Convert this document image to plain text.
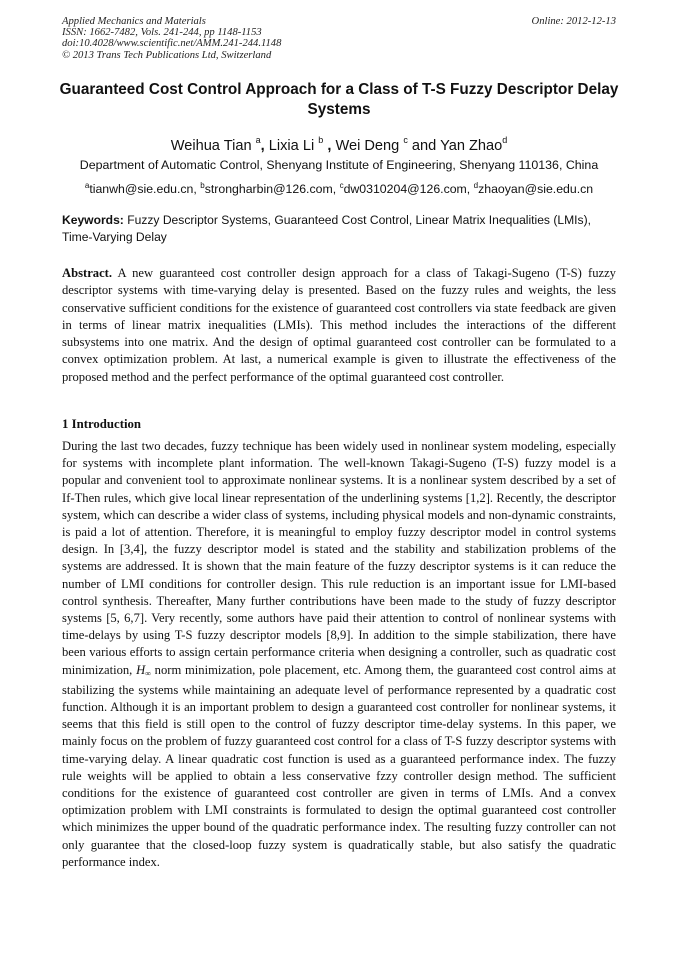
Applied Mechanics and Materials
ISSN: 1662-7482, Vols. 241-244, pp 1148-1153
doi:10.4028/www.scientific.net/AMM.241-244.1148
© 2013 Trans Tech Publications Ltd, Switzerland
Online: 2012-12-13
Guaranteed Cost Control Approach for a Class of T-S Fuzzy Descriptor Delay Systems
Weihua Tian $^a$, Lixia Li $^b$ , Wei Deng $^c$ and Yan Zhao$^d$
Department of Automatic Control, Shenyang Institute of Engineering, Shenyang 110136, China
$^a$tianwh@sie.edu.cn, $^b$strongharbin@126.com, $^c$dw0310204@126.com, $^d$zhaoyan@sie.edu.cn
Keywords: Fuzzy Descriptor Systems, Guaranteed Cost Control, Linear Matrix Inequalities (LMIs), Time-Varying Delay
Abstract. A new guaranteed cost controller design approach for a class of Takagi-Sugeno (T-S) fuzzy descriptor systems with time-varying delay is presented. Based on the fuzzy rules and weights, the less conservative sufficient conditions for the existence of guaranteed cost controllers via state feedback are given in terms of linear matrix inequalities (LMIs). This method includes the interactions of the different subsystems into one matrix. And the design of optimal guaranteed cost controller can be formulated to a convex optimization problem. At last, a numerical example is given to illustrate the effectiveness of the proposed method and the perfect performance of the optimal guaranteed cost controller.
1 Introduction
During the last two decades, fuzzy technique has been widely used in nonlinear system modeling, especially for systems with incomplete plant information. The well-known Takagi-Sugeno (T-S) fuzzy model is a popular and convenient tool to approximate nonlinear systems. It is a nonlinear system described by a set of If-Then rules, which give local linear representation of the underlining systems [1,2]. Recently, the descriptor system, which can describe a wider class of systems, including physical models and non-dynamic constraints, is paid a lot of attention. Therefore, it is meaningful to employ fuzzy descriptor model in control systems design. In [3,4], the fuzzy descriptor model is stated and the stability and stabilization problems of the systems are addressed. It is shown that the main feature of the fuzzy descriptor systems is it can reduce the number of LMI conditions for controller design. This rule reduction is an important issue for LMI-based control synthesis. Thereafter, Many further contributions have been made to the study of fuzzy descriptor systems [5, 6,7]. Very recently, some authors have paid their attention to control of nonlinear systems with time-delays by using T-S fuzzy descriptor models [8,9]. In addition to the simple stabilization, there have been various efforts to assign certain performance criteria when designing a controller, such as quadratic cost minimization, $H_\infty$ norm minimization, pole placement, etc. Among them, the guaranteed cost control aims at stabilizing the systems while maintaining an adequate level of performance represented by a quadratic cost function. Although it is an important problem to design a guaranteed cost controller for nonlinear systems, it seems that this field is still open to the control of fuzzy descriptor time-delay systems. In this paper, we mainly focus on the problem of fuzzy guaranteed cost control for a class of T-S fuzzy descriptor systems with time-varying delay. A linear quadratic cost function is used as a guaranteed performance index. The fuzzy rule weights will be applied to obtain a less conservative fzzy controller design method. The sufficient conditions for the existence of guaranteed cost controller are given in terms of LMIs. And a convex optimization problem with LMI constraints is formulated to design the optimal guaranteed cost controller which minimizes the upper bound of the quadratic performance index. The resulting fuzzy controller can not only guarantee that the closed-loop fuzzy system is quadratically stable, but also satisfy the quadratic performance index.
